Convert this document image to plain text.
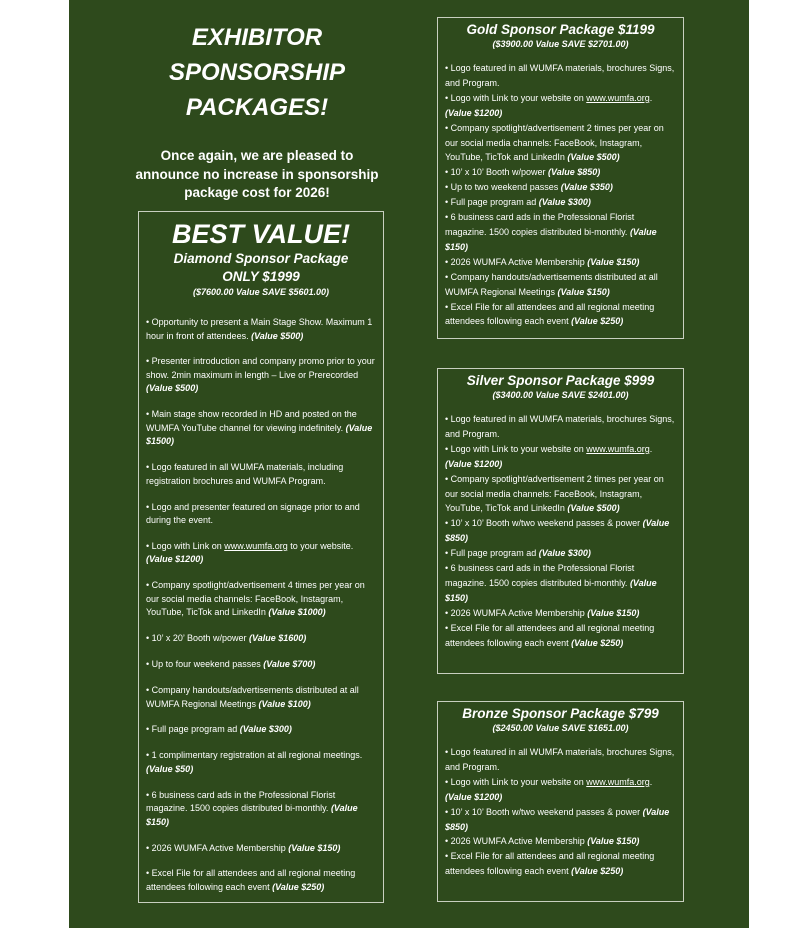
EXHIBITOR
SPONSORSHIP
PACKAGES!
Once again, we are pleased to
announce no increase in sponsorship
package cost for 2026!
BEST VALUE!
Diamond Sponsor Package
ONLY $1999
($7600.00 Value SAVE $5601.00)
• Opportunity to present a Main Stage Show. Maximum 1 hour in front of attendees. (Value $500)
• Presenter introduction and company promo prior to your show. 2min maximum in length – Live or Prerecorded (Value $500)
• Main stage show recorded in HD and posted on the WUMFA YouTube channel for viewing indefinitely. (Value $1500)
• Logo featured in all WUMFA materials, including registration brochures and WUMFA Program.
• Logo and presenter featured on signage prior to and during the event.
• Logo with Link on www.wumfa.org to your website. (Value $1200)
• Company spotlight/advertisement 4 times per year on our social media channels: FaceBook, Instagram, YouTube, TicTok and LinkedIn (Value $1000)
• 10’ x 20’ Booth w/power (Value $1600)
• Up to four weekend passes (Value $700)
• Company handouts/advertisements distributed at all WUMFA Regional Meetings (Value $100)
• Full page program ad (Value $300)
• 1 complimentary registration at all regional meetings. (Value $50)
• 6 business card ads in the Professional Florist magazine. 1500 copies distributed bi-monthly. (Value $150)
• 2026 WUMFA Active Membership (Value $150)
• Excel File for all attendees and all regional meeting attendees following each event (Value $250)
Gold Sponsor Package $1199
($3900.00 Value SAVE $2701.00)
• Logo featured in all WUMFA materials, brochures Signs, and Program.
• Logo with Link to your website on www.wumfa.org. (Value $1200)
• Company spotlight/advertisement 2 times per year on our social media channels: FaceBook, Instagram, YouTube, TicTok and LinkedIn (Value $500)
• 10’ x 10’ Booth w/power (Value $850)
• Up to two weekend passes (Value $350)
• Full page program ad (Value $300)
• 6 business card ads in the Professional Florist magazine. 1500 copies distributed bi-monthly. (Value $150)
• 2026 WUMFA Active Membership (Value $150)
• Company handouts/advertisements distributed at all WUMFA Regional Meetings (Value $150)
• Excel File for all attendees and all regional meeting attendees following each event (Value $250)
Silver Sponsor Package $999
($3400.00 Value SAVE $2401.00)
• Logo featured in all WUMFA materials, brochures Signs, and Program.
• Logo with Link to your website on www.wumfa.org. (Value $1200)
• Company spotlight/advertisement 2 times per year on our social media channels: FaceBook, Instagram, YouTube, TicTok and LinkedIn (Value $500)
• 10’ x 10’ Booth w/two weekend passes & power (Value $850)
• Full page program ad (Value $300)
• 6 business card ads in the Professional Florist magazine. 1500 copies distributed bi-monthly. (Value $150)
• 2026 WUMFA Active Membership (Value $150)
• Excel File for all attendees and all regional meeting attendees following each event (Value $250)
Bronze Sponsor Package $799
($2450.00 Value SAVE $1651.00)
• Logo featured in all WUMFA materials, brochures Signs, and Program.
• Logo with Link to your website on www.wumfa.org. (Value $1200)
• 10’ x 10’ Booth w/two weekend passes & power (Value $850)
• 2026 WUMFA Active Membership (Value $150)
• Excel File for all attendees and all regional meeting attendees following each event (Value $250)
